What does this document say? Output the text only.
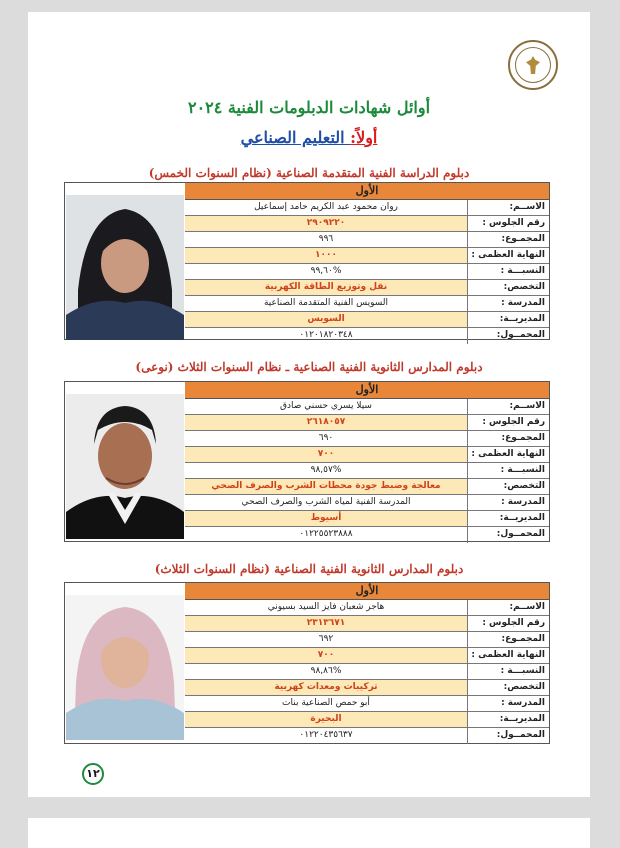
أوائل شهادات الدبلومات الفنية ٢٠٢٤
أولاً: التعليم الصناعي
دبلوم الدراسة الفنية المتقدمة الصناعية (نظام السنوات الخمس)
الأول
الاســم:
روان محمود عبد الكريم حامد إسماعيل
رقم الجلوس :
٢٩٠٩٢٢٠
المجمـوع:
٩٩٦
النهاية العظمى :
١٠٠٠
النسبـــة :
%٩٩,٦٠
التخصص:
نقل وتوزيع الطاقة الكهربية
المدرسة :
السويس الفنية المتقدمة الصناعية
المديريــة:
السويس
المحمــول:
٠١٢٠١٨٢٠٣٤٨
دبلوم المدارس الثانوية الفنية الصناعية ـ نظام السنوات الثلاث (نوعى)
الأول
الاســم:
سيلا يسري حسني صادق
رقم الجلوس :
٢٦١٨٠٥٧
المجمـوع:
٦٩٠
النهاية العظمى :
٧٠٠
النسبـــة :
%٩٨,٥٧
التخصص:
معالجة وضبط جودة محطات الشرب والصرف الصحي
المدرسة :
المدرسة الفنية لمياه الشرب والصرف الصحي
المديريــة:
أسيوط
المحمــول:
٠١٢٢٥٥٢٣٨٨٨
دبلوم المدارس الثانوية الفنية الصناعية (نظام السنوات الثلاث)
الأول
الاســم:
هاجر شعبان فايز السيد بسيوني
رقم الجلوس :
٢٣١٣٦٧١
المجمـوع:
٦٩٢
النهاية العظمى :
٧٠٠
النسبـــة :
%٩٨,٨٦
التخصص:
تركيبات ومعدات كهربية
المدرسة :
أبو حمص الصناعية بنات
المديريــة:
البحيرة
المحمــول:
٠١٢٢٠٤٣٥٦٣٧
١٢
